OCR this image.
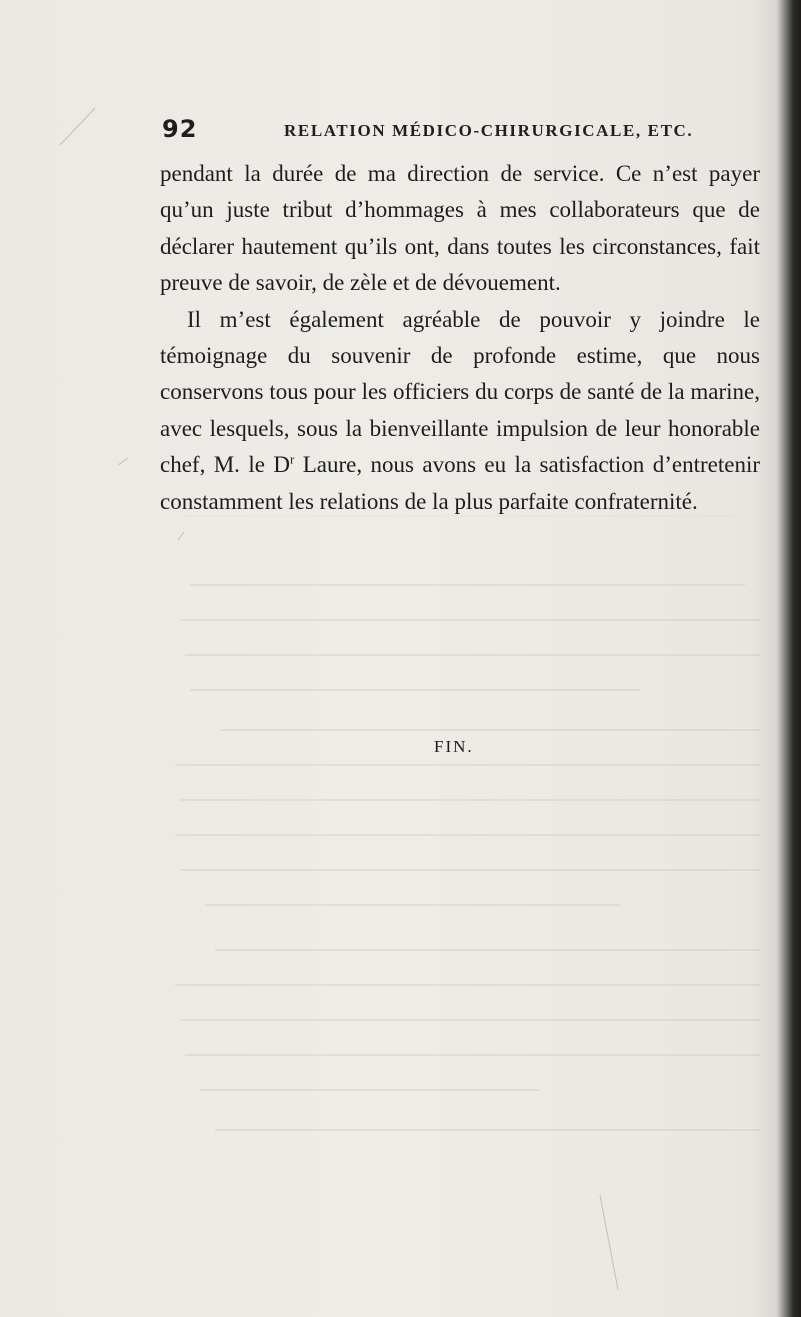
92	RELATION MÉDICO-CHIRURGICALE, ETC.

pendant la durée de ma direction de service. Ce n’est payer qu’un juste tribut d’hommages à mes collaborateurs que de déclarer hautement qu’ils ont, dans toutes les circonstances, fait preuve de savoir, de zèle et de dévouement.

Il m’est également agréable de pouvoir y joindre le témoignage du souvenir de profonde estime, que nous conservons tous pour les officiers du corps de santé de la marine, avec lesquels, sous la bienveillante impulsion de leur honorable chef, M. le $D^r$ Laure, nous avons eu la satisfaction d’entretenir constamment les relations de la plus parfaite confraternité.

FIN.
